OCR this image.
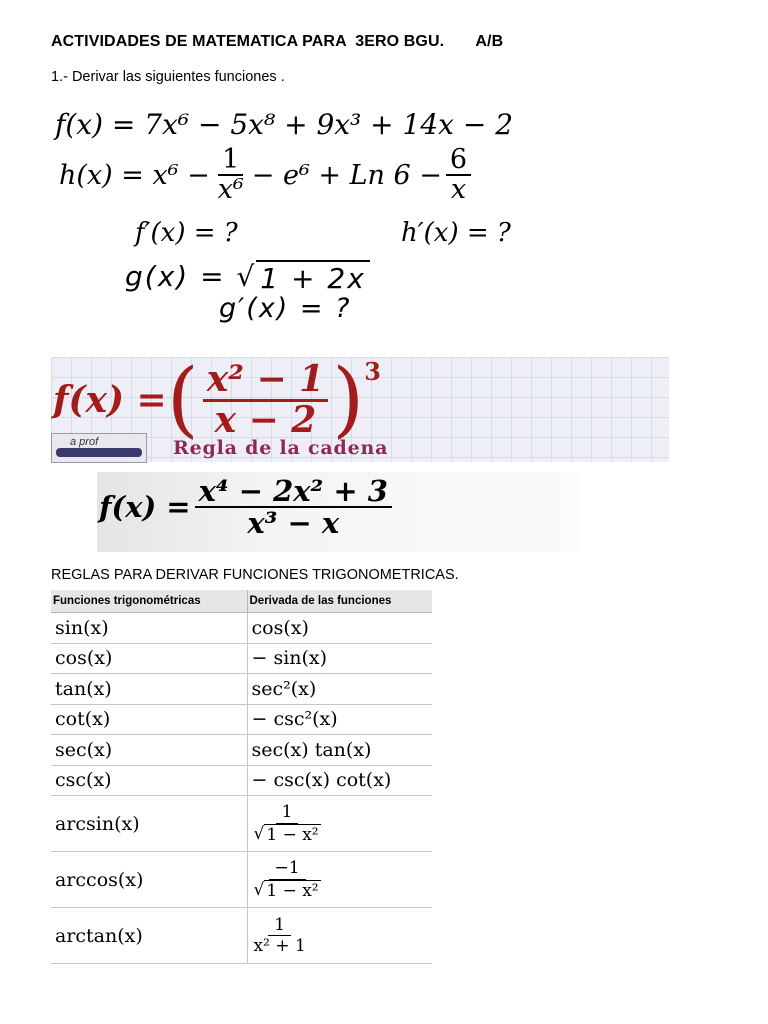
ACTIVIDADES DE MATEMATICA PARA  3ERO BGU.       A/B
1.- Derivar las siguientes funciones .
f(x) = 7x⁶ − 5x⁸ + 9x³ + 14x − 2
$h(x) = x^6 - \frac{1}{\text{x⁶}} - e^6 + Ln$ $6 - \frac{6}{x}$
f′(x) = ?	h′(x) = ?
g(x) = √ 1 + 2x
g′(x) = ?
f(x) = ( $\frac{\text{x² − 1}}{x - 2}$ ) 3
a prof	Regla de la cadena
$f(x) = \frac{\text{x⁴ − 2x² + 3}}{\text{x³ − x}}$
REGLAS PARA DERIVAR FUNCIONES TRIGONOMETRICAS.
Funciones trigonométricas	Derivada de las funciones
sin(x)	cos(x)
cos(x)	− sin(x)
tan(x)	sec²(x)
cot(x)	− csc²(x)
sec(x)	sec(x) tan(x)
csc(x)	− csc(x) cot(x)
arcsin(x)	$\frac{1}{\text{√ 1 − x²}}$

arccos(x)	$\frac{-1}{\text{√ 1 − x²}}$

arctan(x)	$\frac{1}{\text{x² + 1}}$
